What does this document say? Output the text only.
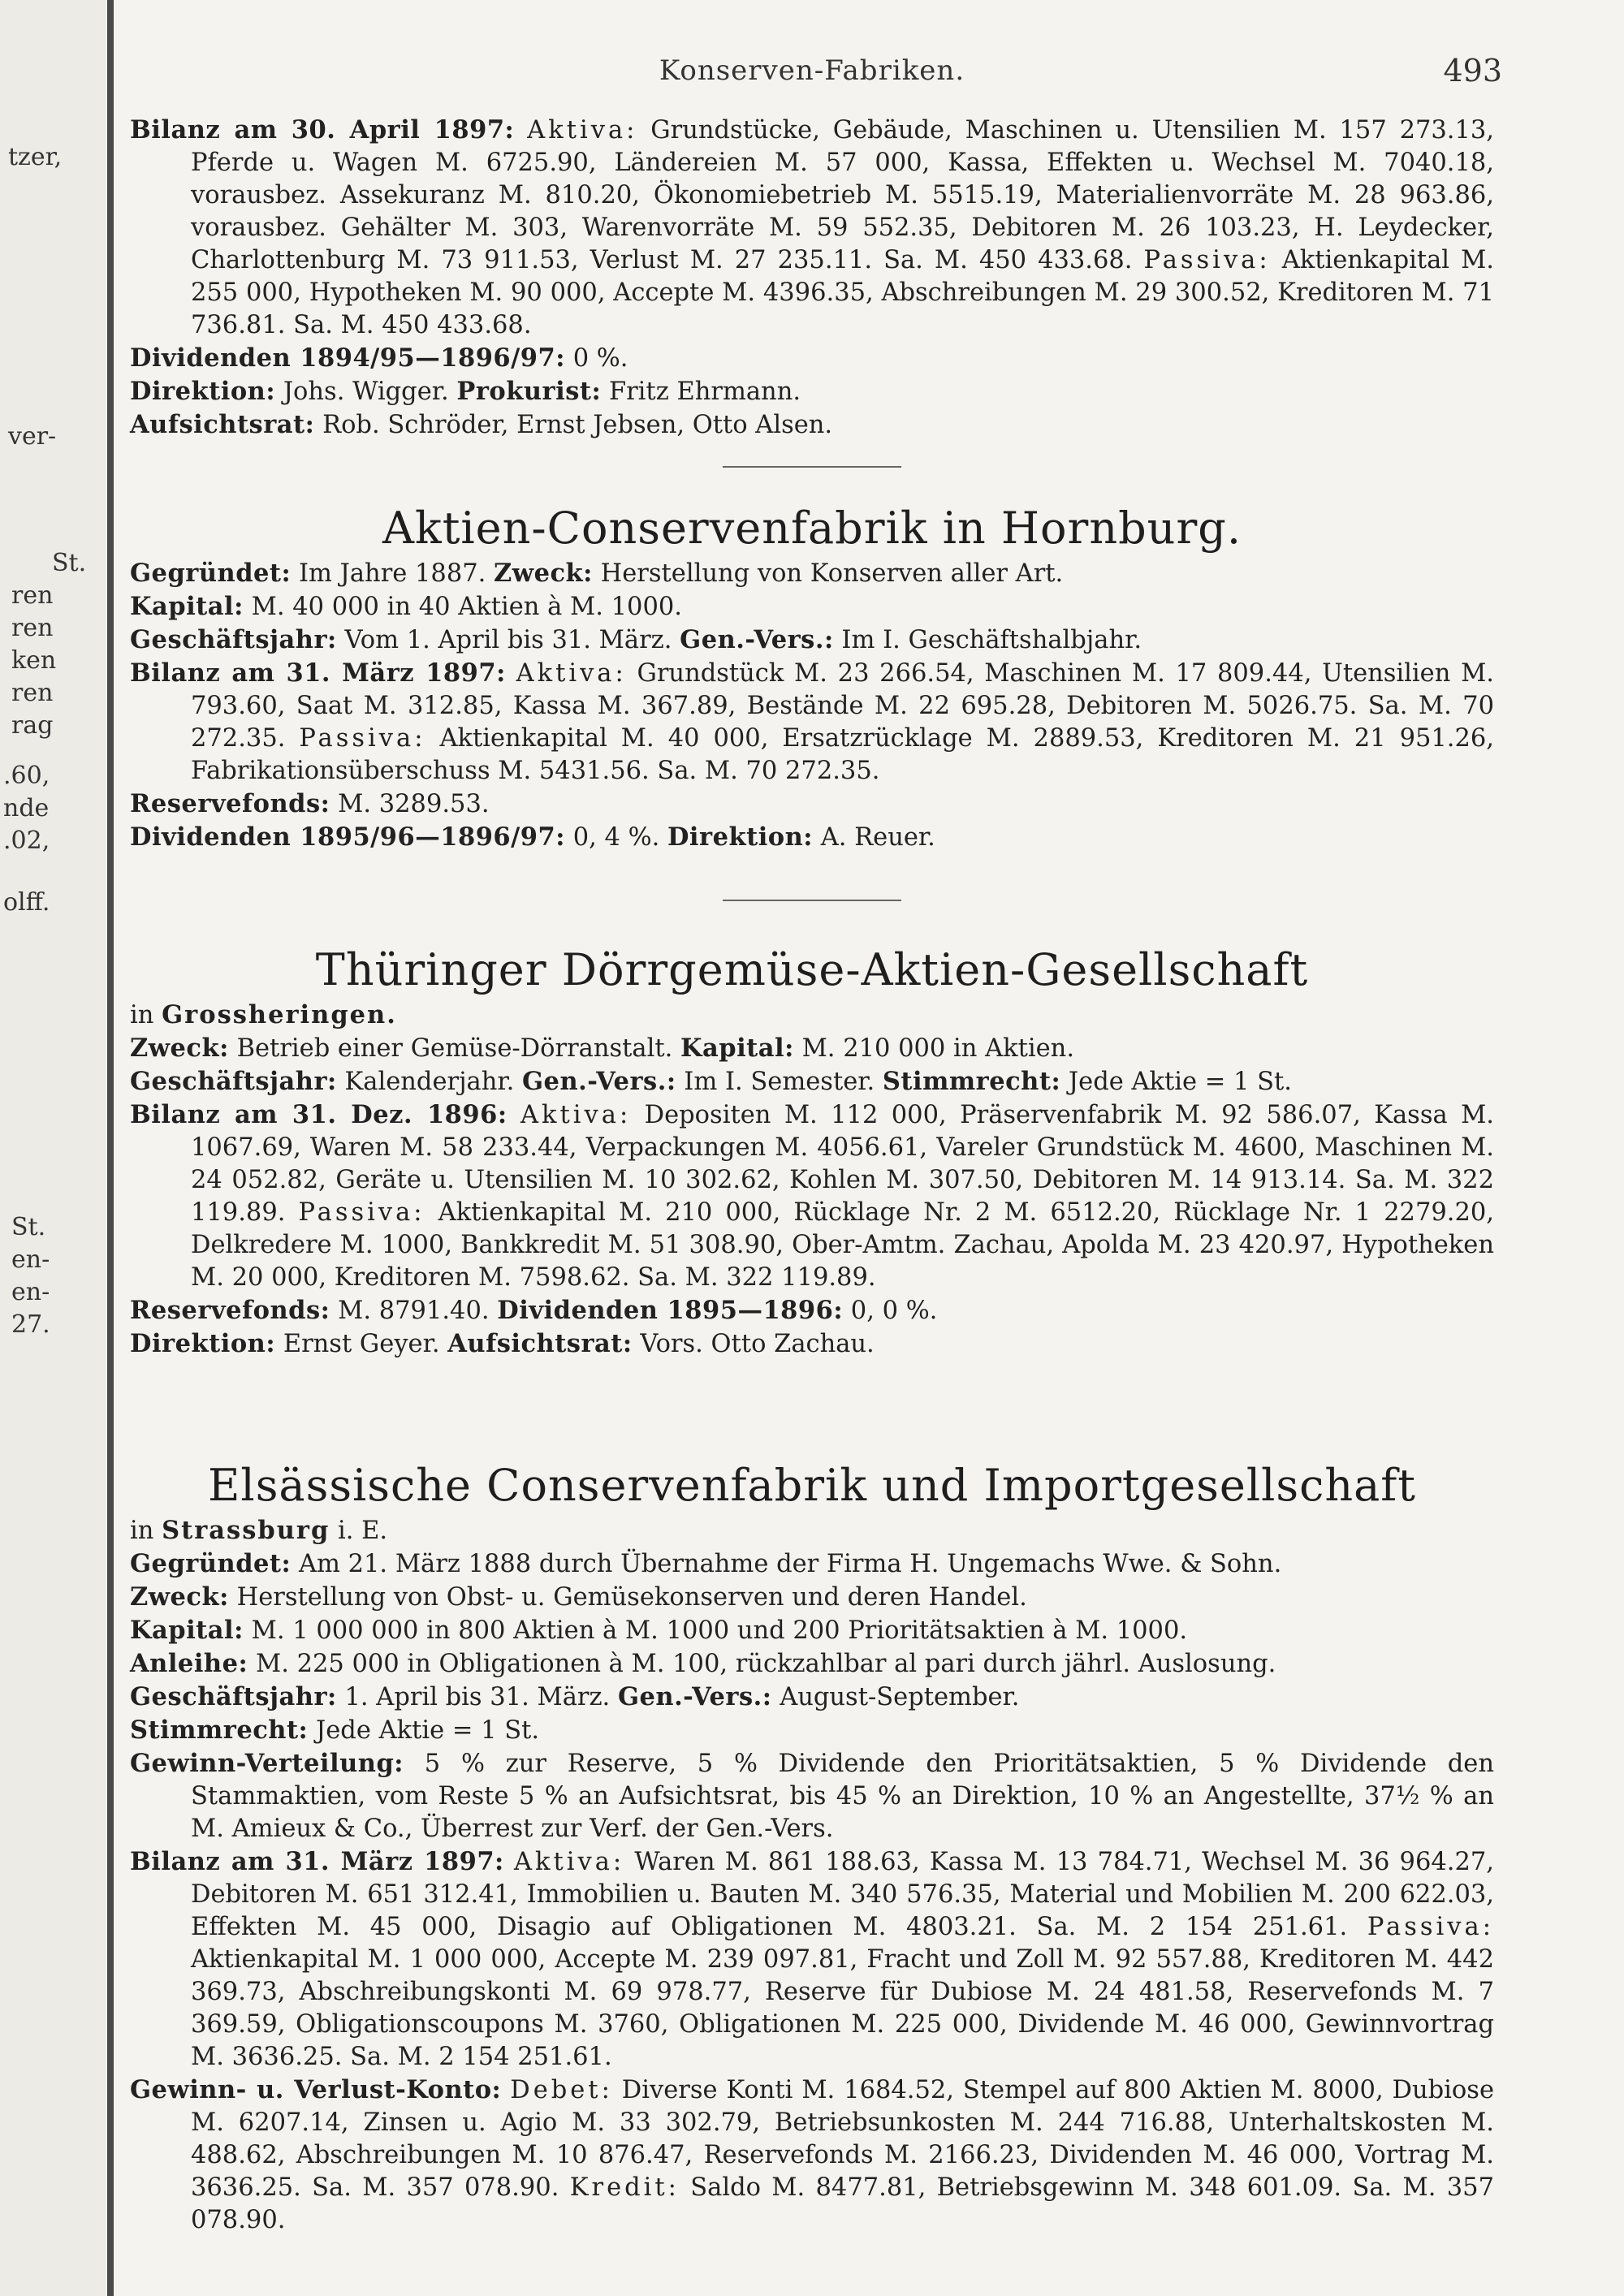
tzer,
ver-
St.
ren
ren
ken
ren
rag
.60,
nde
.02,
olff.
St.
en-
en-
27.
Konserven-Fabriken.	493

Bilanz am 30. April 1897: Aktiva: Grundstücke, Gebäude, Maschinen u. Utensilien M. 157 273.13, Pferde u. Wagen M. 6725.90, Ländereien M. 57 000, Kassa, Effekten u. Wechsel M. 7040.18, vorausbez. Assekuranz M. 810.20, Ökonomiebetrieb M. 5515.19, Materialienvorräte M. 28 963.86, vorausbez. Gehälter M. 303, Warenvorräte M. 59 552.35, Debitoren M. 26 103.23, H. Leydecker, Charlottenburg M. 73 911.53, Verlust M. 27 235.11. Sa. M. 450 433.68. Passiva: Aktienkapital M. 255 000, Hypotheken M. 90 000, Accepte M. 4396.35, Abschreibungen M. 29 300.52, Kreditoren M. 71 736.81. Sa. M. 450 433.68.

Dividenden 1894/95—1896/97: 0 %.

Direktion: Johs. Wigger. Prokurist: Fritz Ehrmann.

Aufsichtsrat: Rob. Schröder, Ernst Jebsen, Otto Alsen.

Aktien-Conservenfabrik in Hornburg.

Gegründet: Im Jahre 1887. Zweck: Herstellung von Konserven aller Art.

Kapital: M. 40 000 in 40 Aktien à M. 1000.

Geschäftsjahr: Vom 1. April bis 31. März. Gen.-Vers.: Im I. Geschäftshalbjahr.

Bilanz am 31. März 1897: Aktiva: Grundstück M. 23 266.54, Maschinen M. 17 809.44, Utensilien M. 793.60, Saat M. 312.85, Kassa M. 367.89, Bestände M. 22 695.28, Debitoren M. 5026.75. Sa. M. 70 272.35. Passiva: Aktienkapital M. 40 000, Ersatzrücklage M. 2889.53, Kreditoren M. 21 951.26, Fabrikationsüberschuss M. 5431.56. Sa. M. 70 272.35.

Reservefonds: M. 3289.53.

Dividenden 1895/96—1896/97: 0, 4 %. Direktion: A. Reuer.

Thüringer Dörrgemüse-Aktien-Gesellschaft

in Grossheringen.

Zweck: Betrieb einer Gemüse-Dörranstalt. Kapital: M. 210 000 in Aktien.

Geschäftsjahr: Kalenderjahr. Gen.-Vers.: Im I. Semester. Stimmrecht: Jede Aktie = 1 St.

Bilanz am 31. Dez. 1896: Aktiva: Depositen M. 112 000, Präservenfabrik M. 92 586.07, Kassa M. 1067.69, Waren M. 58 233.44, Verpackungen M. 4056.61, Vareler Grundstück M. 4600, Maschinen M. 24 052.82, Geräte u. Utensilien M. 10 302.62, Kohlen M. 307.50, Debitoren M. 14 913.14. Sa. M. 322 119.89. Passiva: Aktienkapital M. 210 000, Rücklage Nr. 2 M. 6512.20, Rücklage Nr. 1 2279.20, Delkredere M. 1000, Bankkredit M. 51 308.90, Ober-Amtm. Zachau, Apolda M. 23 420.97, Hypotheken M. 20 000, Kreditoren M. 7598.62. Sa. M. 322 119.89.

Reservefonds: M. 8791.40. Dividenden 1895—1896: 0, 0 %.

Direktion: Ernst Geyer. Aufsichtsrat: Vors. Otto Zachau.

Elsässische Conservenfabrik und Importgesellschaft

in Strassburg i. E.

Gegründet: Am 21. März 1888 durch Übernahme der Firma H. Ungemachs Wwe. & Sohn.

Zweck: Herstellung von Obst- u. Gemüsekonserven und deren Handel.

Kapital: M. 1 000 000 in 800 Aktien à M. 1000 und 200 Prioritätsaktien à M. 1000.

Anleihe: M. 225 000 in Obligationen à M. 100, rückzahlbar al pari durch jährl. Auslosung.

Geschäftsjahr: 1. April bis 31. März. Gen.-Vers.: August-September.

Stimmrecht: Jede Aktie = 1 St.

Gewinn-Verteilung: 5 % zur Reserve, 5 % Dividende den Prioritätsaktien, 5 % Dividende den Stammaktien, vom Reste 5 % an Aufsichtsrat, bis 45 % an Direktion, 10 % an Angestellte, 37½ % an M. Amieux & Co., Überrest zur Verf. der Gen.-Vers.

Bilanz am 31. März 1897: Aktiva: Waren M. 861 188.63, Kassa M. 13 784.71, Wechsel M. 36 964.27, Debitoren M. 651 312.41, Immobilien u. Bauten M. 340 576.35, Material und Mobilien M. 200 622.03, Effekten M. 45 000, Disagio auf Obligationen M. 4803.21. Sa. M. 2 154 251.61. Passiva: Aktienkapital M. 1 000 000, Accepte M. 239 097.81, Fracht und Zoll M. 92 557.88, Kreditoren M. 442 369.73, Abschreibungskonti M. 69 978.77, Reserve für Dubiose M. 24 481.58, Reservefonds M. 7 369.59, Obligationscoupons M. 3760, Obligationen M. 225 000, Dividende M. 46 000, Gewinnvortrag M. 3636.25. Sa. M. 2 154 251.61.

Gewinn- u. Verlust-Konto: Debet: Diverse Konti M. 1684.52, Stempel auf 800 Aktien M. 8000, Dubiose M. 6207.14, Zinsen u. Agio M. 33 302.79, Betriebsunkosten M. 244 716.88, Unterhaltskosten M. 488.62, Abschreibungen M. 10 876.47, Reservefonds M. 2166.23, Dividenden M. 46 000, Vortrag M. 3636.25. Sa. M. 357 078.90. Kredit: Saldo M. 8477.81, Betriebsgewinn M. 348 601.09. Sa. M. 357 078.90.
